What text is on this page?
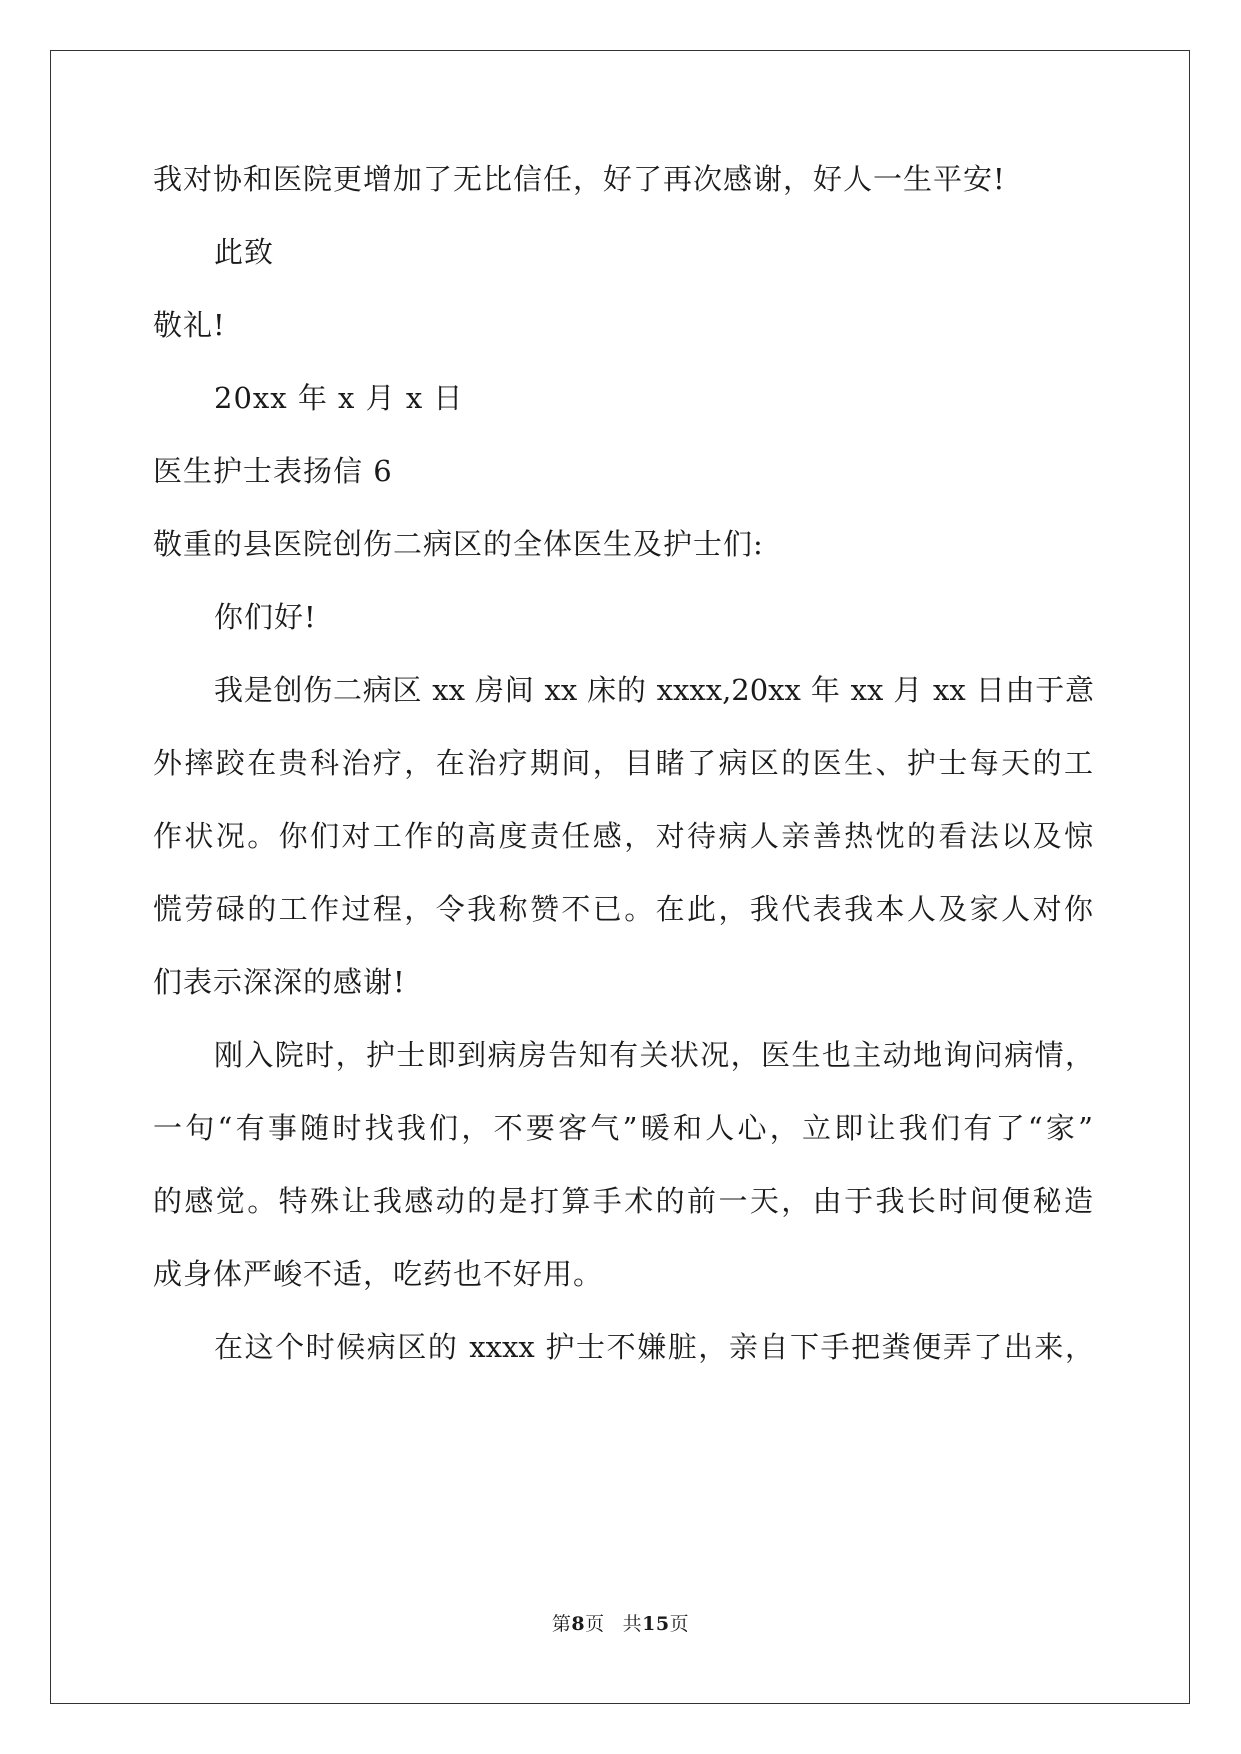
我对协和医院更增加了无比信任，好了再次感谢，好人一生平安!
此致
敬礼!
20xx 年 x 月 x 日
医生护士表扬信 6
敬重的县医院创伤二病区的全体医生及护士们:
你们好!
我是创伤二病区 xx 房间 xx 床的 xxxx,20xx 年 xx 月 xx 日由于意
外摔跤在贵科治疗，在治疗期间，目睹了病区的医生、护士每天的工
作状况。你们对工作的高度责任感，对待病人亲善热忱的看法以及惊
慌劳碌的工作过程，令我称赞不已。在此，我代表我本人及家人对你
们表示深深的感谢!
刚入院时，护士即到病房告知有关状况，医生也主动地询问病情，
一句“有事随时找我们，不要客气”暖和人心，立即让我们有了“家”
的感觉。特殊让我感动的是打算手术的前一天，由于我长时间便秘造
成身体严峻不适，吃药也不好用。
在这个时候病区的 xxxx 护士不嫌脏，亲自下手把粪便弄了出来，
第8页 共15页
